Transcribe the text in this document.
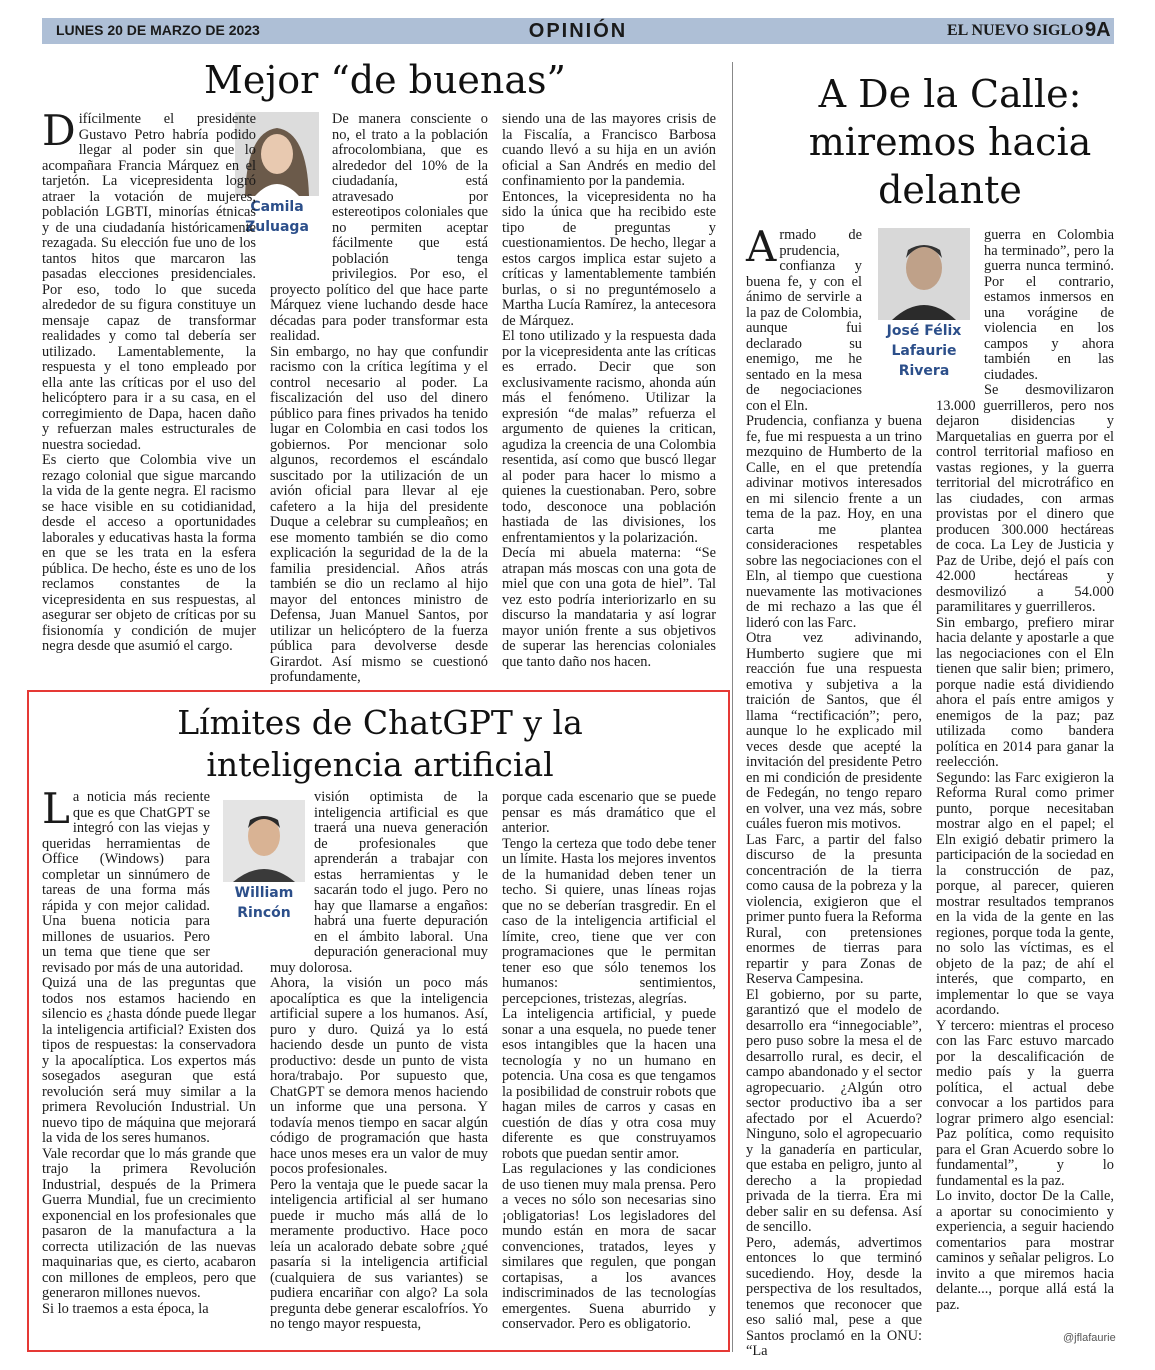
LUNES 20 DE MARZO DE 2023	OPINIÓN	EL NUEVO SIGLO 9A
Mejor “de buenas”
Camila
Zuluaga
D ifícilmente el presidente Gustavo Petro habría podido llegar al poder sin que lo acompañara Francia Márquez en el tarjetón. La vicepresidenta logró atraer la votación de mujeres, población LGBTI, minorías étnicas y de una ciudadanía históricamente rezagada. Su elección fue uno de los tantos hitos que marcaron las pasadas elecciones presidenciales. Por eso, todo lo que suceda alrededor de su figura constituye un mensaje capaz de transformar realidades y como tal debería ser utilizado. Lamentablemente, la respuesta y el tono empleado por ella ante las críticas por el uso del helicóptero para ir a su casa, en el corregimiento de Dapa, hacen daño y refuerzan males estructurales de nuestra sociedad.
Es cierto que Colombia vive un rezago colonial que sigue marcando la vida de la gente negra. El racismo se hace visible en su cotidianidad, desde el acceso a oportunidades laborales y educativas hasta la forma en que se les trata en la esfera pública. De hecho, éste es uno de los reclamos constantes de la vicepresidenta en sus respuestas, al asegurar ser objeto de críticas por su fisionomía y condición de mujer negra desde que asumió el cargo.

De manera consciente o no, el trato a la población afrocolombiana, que es alrededor del 10% de la ciudadanía, está atravesado por estereotipos coloniales que no permiten aceptar fácilmente que está población tenga privilegios. Por eso, el proyecto político del que hace parte Márquez viene luchando desde hace décadas para poder transformar esta realidad.
Sin embargo, no hay que confundir racismo con la crítica legítima y el control necesario al poder. La fiscalización del uso del dinero público para fines privados ha tenido lugar en Colombia en casi todos los gobiernos. Por mencionar solo algunos, recordemos el escándalo suscitado por la utilización de un avión oficial para llevar al eje cafetero a la hija del presidente Duque a celebrar su cumpleaños; en ese momento también se dio como explicación la seguridad de la de la familia presidencial. Años atrás también se dio un reclamo al hijo mayor del entonces ministro de Defensa, Juan Manuel Santos, por utilizar un helicóptero de la fuerza pública para devolverse desde Girardot. Así mismo se cuestionó profundamente,

siendo una de las mayores crisis de la Fiscalía, a Francisco Barbosa cuando llevó a su hija en un avión oficial a San Andrés en medio del confinamiento por la pandemia.
Entonces, la vicepresidenta no ha sido la única que ha recibido este tipo de preguntas y cuestionamientos. De hecho, llegar a estos cargos implica estar sujeto a críticas y lamentablemente también burlas, o si no preguntémoselo a Martha Lucía Ramírez, la antecesora de Márquez.
El tono utilizado y la respuesta dada por la vicepresidenta ante las críticas es errado. Decir que son exclusivamente racismo, ahonda aún más el fenómeno. Utilizar la expresión “de malas” refuerza el argumento de quienes la critican, agudiza la creencia de una Colombia resentida, así como que buscó llegar al poder para hacer lo mismo a quienes la cuestionaban. Pero, sobre todo, desconoce una población hastiada de las divisiones, los enfrentamientos y la polarización.
Decía mi abuela materna: “Se atrapan más moscas con una gota de miel que con una gota de hiel”. Tal vez esto podría interiorizarlo en su discurso la mandataria y así lograr mayor unión frente a sus objetivos de superar las herencias coloniales que tanto daño nos hacen.

A De la Calle: miremos hacia delante
José Félix
Lafaurie
Rivera
A rmado de prudencia, confianza y buena fe, y con el ánimo de servirle a la paz de Colombia, aunque fui declarado su enemigo, me he sentado en la mesa de negociaciones con el Eln.
Prudencia, confianza y buena fe, fue mi respuesta a un trino mezquino de Humberto de la Calle, en el que pretendía adivinar motivos interesados en mi silencio frente a un tema de la paz. Hoy, en una carta me plantea consideraciones respetables sobre las negociaciones con el Eln, al tiempo que cuestiona nuevamente las motivaciones de mi rechazo a las que él lideró con las Farc.
Otra vez adivinando, Humberto sugiere que mi reacción fue una respuesta emotiva y subjetiva a la traición de Santos, que él llama “rectificación”; pero, aunque lo he explicado mil veces desde que acepté la invitación del presidente Petro en mi condición de presidente de Fedegán, no tengo reparo en volver, una vez más, sobre cuáles fueron mis motivos.
Las Farc, a partir del falso discurso de la presunta concentración de la tierra como causa de la pobreza y la violencia, exigieron que el primer punto fuera la Reforma Rural, con pretensiones enormes de tierras para repartir y para Zonas de Reserva Campesina.
El gobierno, por su parte, garantizó que el modelo de desarrollo era “innegociable”, pero puso sobre la mesa el de desarrollo rural, es decir, el campo abandonado y el sector agropecuario. ¿Algún otro sector productivo iba a ser afectado por el Acuerdo? Ninguno, solo el agropecuario y la ganadería en particular, que estaba en peligro, junto al derecho a la propiedad privada de la tierra. Era mi deber salir en su defensa. Así de sencillo.
Pero, además, advertimos entonces lo que terminó sucediendo. Hoy, desde la perspectiva de los resultados, tenemos que reconocer que eso salió mal, pese a que Santos proclamó en la ONU: “La

guerra en Colombia ha terminado”, pero la guerra nunca terminó. Por el contrario, estamos inmersos en una vorágine de violencia en los campos y ahora también en las ciudades.
Se desmovilizaron 13.000 guerrilleros, pero nos dejaron disidencias y Marquetalias en guerra por el control territorial mafioso en vastas regiones, y la guerra territorial del microtráfico en las ciudades, con armas provistas por el dinero que producen 300.000 hectáreas de coca. La Ley de Justicia y Paz de Uribe, dejó el país con 42.000 hectáreas y desmovilizó a 54.000 paramilitares y guerrilleros.
Sin embargo, prefiero mirar hacia delante y apostarle a que las negociaciones con el Eln tienen que salir bien; primero, porque nadie está dividiendo ahora el país entre amigos y enemigos de la paz; paz utilizada como bandera política en 2014 para ganar la reelección.
Segundo: las Farc exigieron la Reforma Rural como primer punto, porque necesitaban mostrar algo en el papel; el Eln exigió debatir primero la participación de la sociedad en la construcción de paz, porque, al parecer, quieren mostrar resultados tempranos en la vida de la gente en las regiones, porque toda la gente, no solo las víctimas, es el objeto de la paz; de ahí el interés, que comparto, en implementar lo que se vaya acordando.
Y tercero: mientras el proceso con las Farc estuvo marcado por la descalificación de medio país y la guerra política, el actual debe convocar a los partidos para lograr primero algo esencial: Paz política, como requisito para el Gran Acuerdo sobre lo fundamental”, y lo fundamental es la paz.
Lo invito, doctor De la Calle, a aportar su conocimiento y experiencia, a seguir haciendo comentarios para mostrar caminos y señalar peligros. Lo invito a que miremos hacia delante..., porque allá está la paz.

@jflafaurie
Límites de ChatGPT y la inteligencia artificial
William
Rincón
L a noticia más reciente que es que ChatGPT se integró con las viejas y queridas herramientas de Office (Windows) para completar un sinnúmero de tareas de una forma más rápida y con mejor calidad. Una buena noticia para millones de usuarios. Pero un tema que tiene que ser revisado por más de una autoridad.
Quizá una de las preguntas que todos nos estamos haciendo en silencio es ¿hasta dónde puede llegar la inteligencia artificial? Existen dos tipos de respuestas: la conservadora y la apocalíptica. Los expertos más sosegados aseguran que está revolución será muy similar a la primera Revolución Industrial. Un nuevo tipo de máquina que mejorará la vida de los seres humanos.
Vale recordar que lo más grande que trajo la primera Revolución Industrial, después de la Primera Guerra Mundial, fue un crecimiento exponencial en los profesionales que pasaron de la manufactura a la correcta utilización de las nuevas maquinarias que, es cierto, acabaron con millones de empleos, pero que generaron millones nuevos.
Si lo traemos a esta época, la

visión optimista de la inteligencia artificial es que traerá una nueva generación de profesionales que aprenderán a trabajar con estas herramientas y le sacarán todo el jugo. Pero no hay que llamarse a engaños: habrá una fuerte depuración en el ámbito laboral. Una depuración generacional muy muy dolorosa.
Ahora, la visión un poco más apocalíptica es que la inteligencia artificial supere a los humanos. Así, puro y duro. Quizá ya lo está haciendo desde un punto de vista productivo: desde un punto de vista hora/trabajo. Por supuesto que, ChatGPT se demora menos haciendo un informe que una persona. Y todavía menos tiempo en sacar algún código de programación que hasta hace unos meses era un valor de muy pocos profesionales.
Pero la ventaja que le puede sacar la inteligencia artificial al ser humano puede ir mucho más allá de lo meramente productivo. Hace poco leía un acalorado debate sobre ¿qué pasaría si la inteligencia artificial (cualquiera de sus variantes) se pudiera encariñar con algo? La sola pregunta debe generar escalofríos. Yo no tengo mayor respuesta,

porque cada escenario que se puede pensar es más dramático que el anterior.
Tengo la certeza que todo debe tener un límite. Hasta los mejores inventos de la humanidad deben tener un techo. Si quiere, unas líneas rojas que no se deberían trasgredir. En el caso de la inteligencia artificial el límite, creo, tiene que ver con programaciones que le permitan tener eso que sólo tenemos los humanos: sentimientos, percepciones, tristezas, alegrías.
La inteligencia artificial, y puede sonar a una esquela, no puede tener esos intangibles que la hacen una tecnología y no un humano en potencia. Una cosa es que tengamos la posibilidad de construir robots que hagan miles de carros y casas en cuestión de días y otra cosa muy diferente es que construyamos robots que puedan sentir amor.
Las regulaciones y las condiciones de uso tienen muy mala prensa. Pero a veces no sólo son necesarias sino ¡obligatorias! Los legisladores del mundo están en mora de sacar convenciones, tratados, leyes y similares que regulen, que pongan cortapisas, a los avances indiscriminados de las tecnologías emergentes. Suena aburrido y conservador. Pero es obligatorio.
